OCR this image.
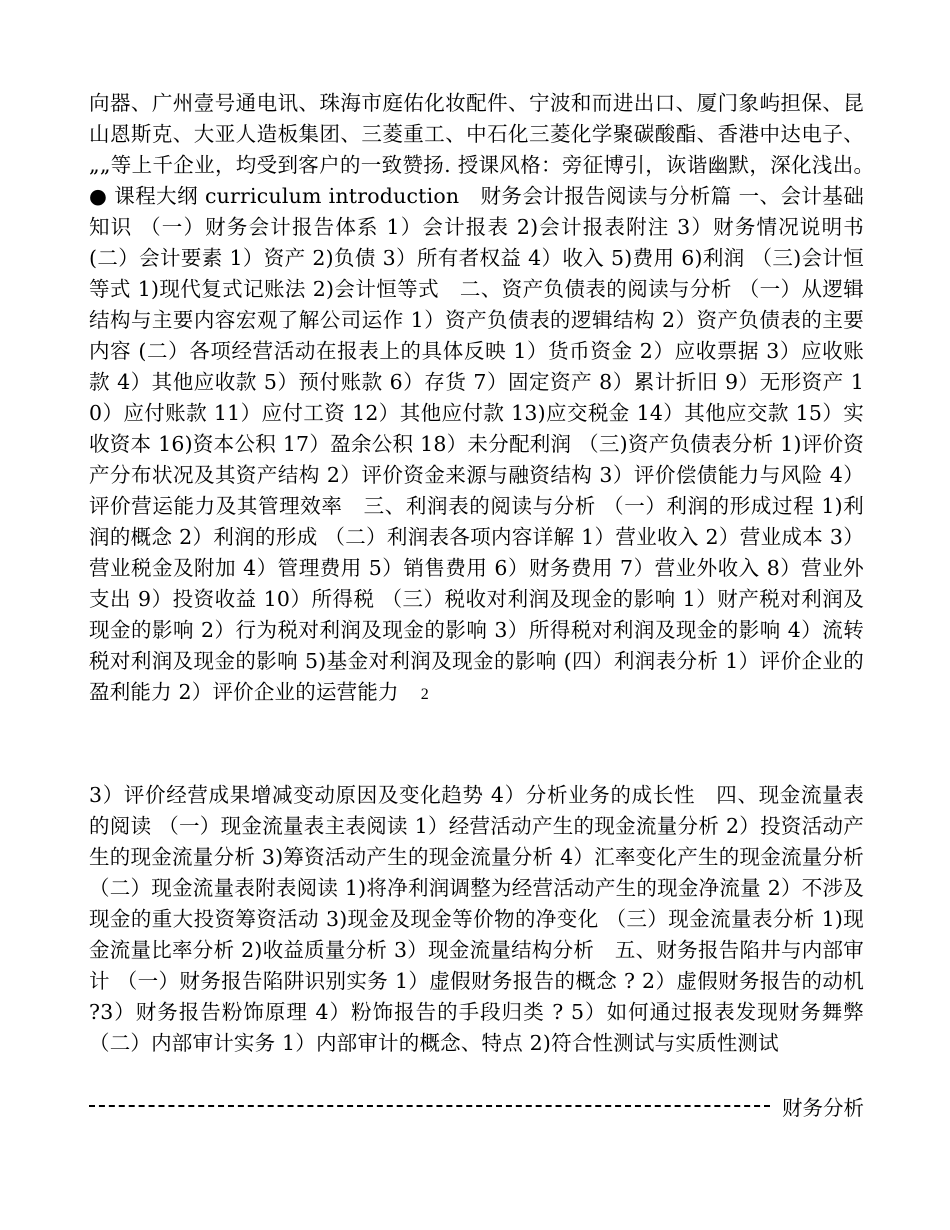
向器、广州壹号通电讯、珠海市庭佑化妆配件、宁波和而进出口、厦门象屿担保、昆山恩斯克、大亚人造板集团、三菱重工、中石化三菱化学聚碳酸酯、香港中达电子、„„等上千企业，均受到客户的一致赞扬. 授课风格：旁征博引，诙谐幽默，深化浅出。　● 课程大纲 curriculum introduction　财务会计报告阅读与分析篇 一、会计基础知识 （一）财务会计报告体系 1）会计报表 2)会计报表附注 3）财务情况说明书 (二）会计要素 1）资产 2)负债 3）所有者权益 4）收入 5)费用 6)利润 （三)会计恒等式 1)现代复式记账法 2)会计恒等式　二、资产负债表的阅读与分析 （一）从逻辑结构与主要内容宏观了解公司运作 1）资产负债表的逻辑结构 2）资产负债表的主要内容 (二）各项经营活动在报表上的具体反映 1）货币资金 2）应收票据 3）应收账款 4）其他应收款 5）预付账款 6）存货 7）固定资产 8）累计折旧 9）无形资产 10）应付账款 11）应付工资 12）其他应付款 13)应交税金 14）其他应交款 15）实收资本 16)资本公积 17）盈余公积 18）未分配利润 （三)资产负债表分析 1)评价资产分布状况及其资产结构 2）评价资金来源与融资结构 3）评价偿债能力与风险 4）评价营运能力及其管理效率　三、利润表的阅读与分析 （一）利润的形成过程 1)利润的概念 2）利润的形成 （二）利润表各项内容详解 1）营业收入 2）营业成本 3）营业税金及附加 4）管理费用 5）销售费用 6）财务费用 7）营业外收入 8）营业外支出 9）投资收益 10）所得税 （三）税收对利润及现金的影响 1）财产税对利润及现金的影响 2）行为税对利润及现金的影响 3）所得税对利润及现金的影响 4）流转税对利润及现金的影响 5)基金对利润及现金的影响 (四）利润表分析 1）评价企业的盈利能力 2）评价企业的运营能力 2

3）评价经营成果增减变动原因及变化趋势 4）分析业务的成长性　四、现金流量表的阅读 （一）现金流量表主表阅读 1）经营活动产生的现金流量分析 2）投资活动产生的现金流量分析 3)筹资活动产生的现金流量分析 4）汇率变化产生的现金流量分析 （二）现金流量表附表阅读 1)将净利润调整为经营活动产生的现金净流量 2）不涉及现金的重大投资筹资活动 3)现金及现金等价物的净变化 （三）现金流量表分析 1)现金流量比率分析 2)收益质量分析 3）现金流量结构分析　五、财务报告陷井与内部审计 （一）财务报告陷阱识别实务 1）虚假财务报告的概念 ? 2）虚假财务报告的动机 ?3）财务报告粉饰原理 4）粉饰报告的手段归类 ? 5）如何通过报表发现财务舞弊 （二）内部审计实务 1）内部审计的概念、特点 2)符合性测试与实质性测试

财务分析
